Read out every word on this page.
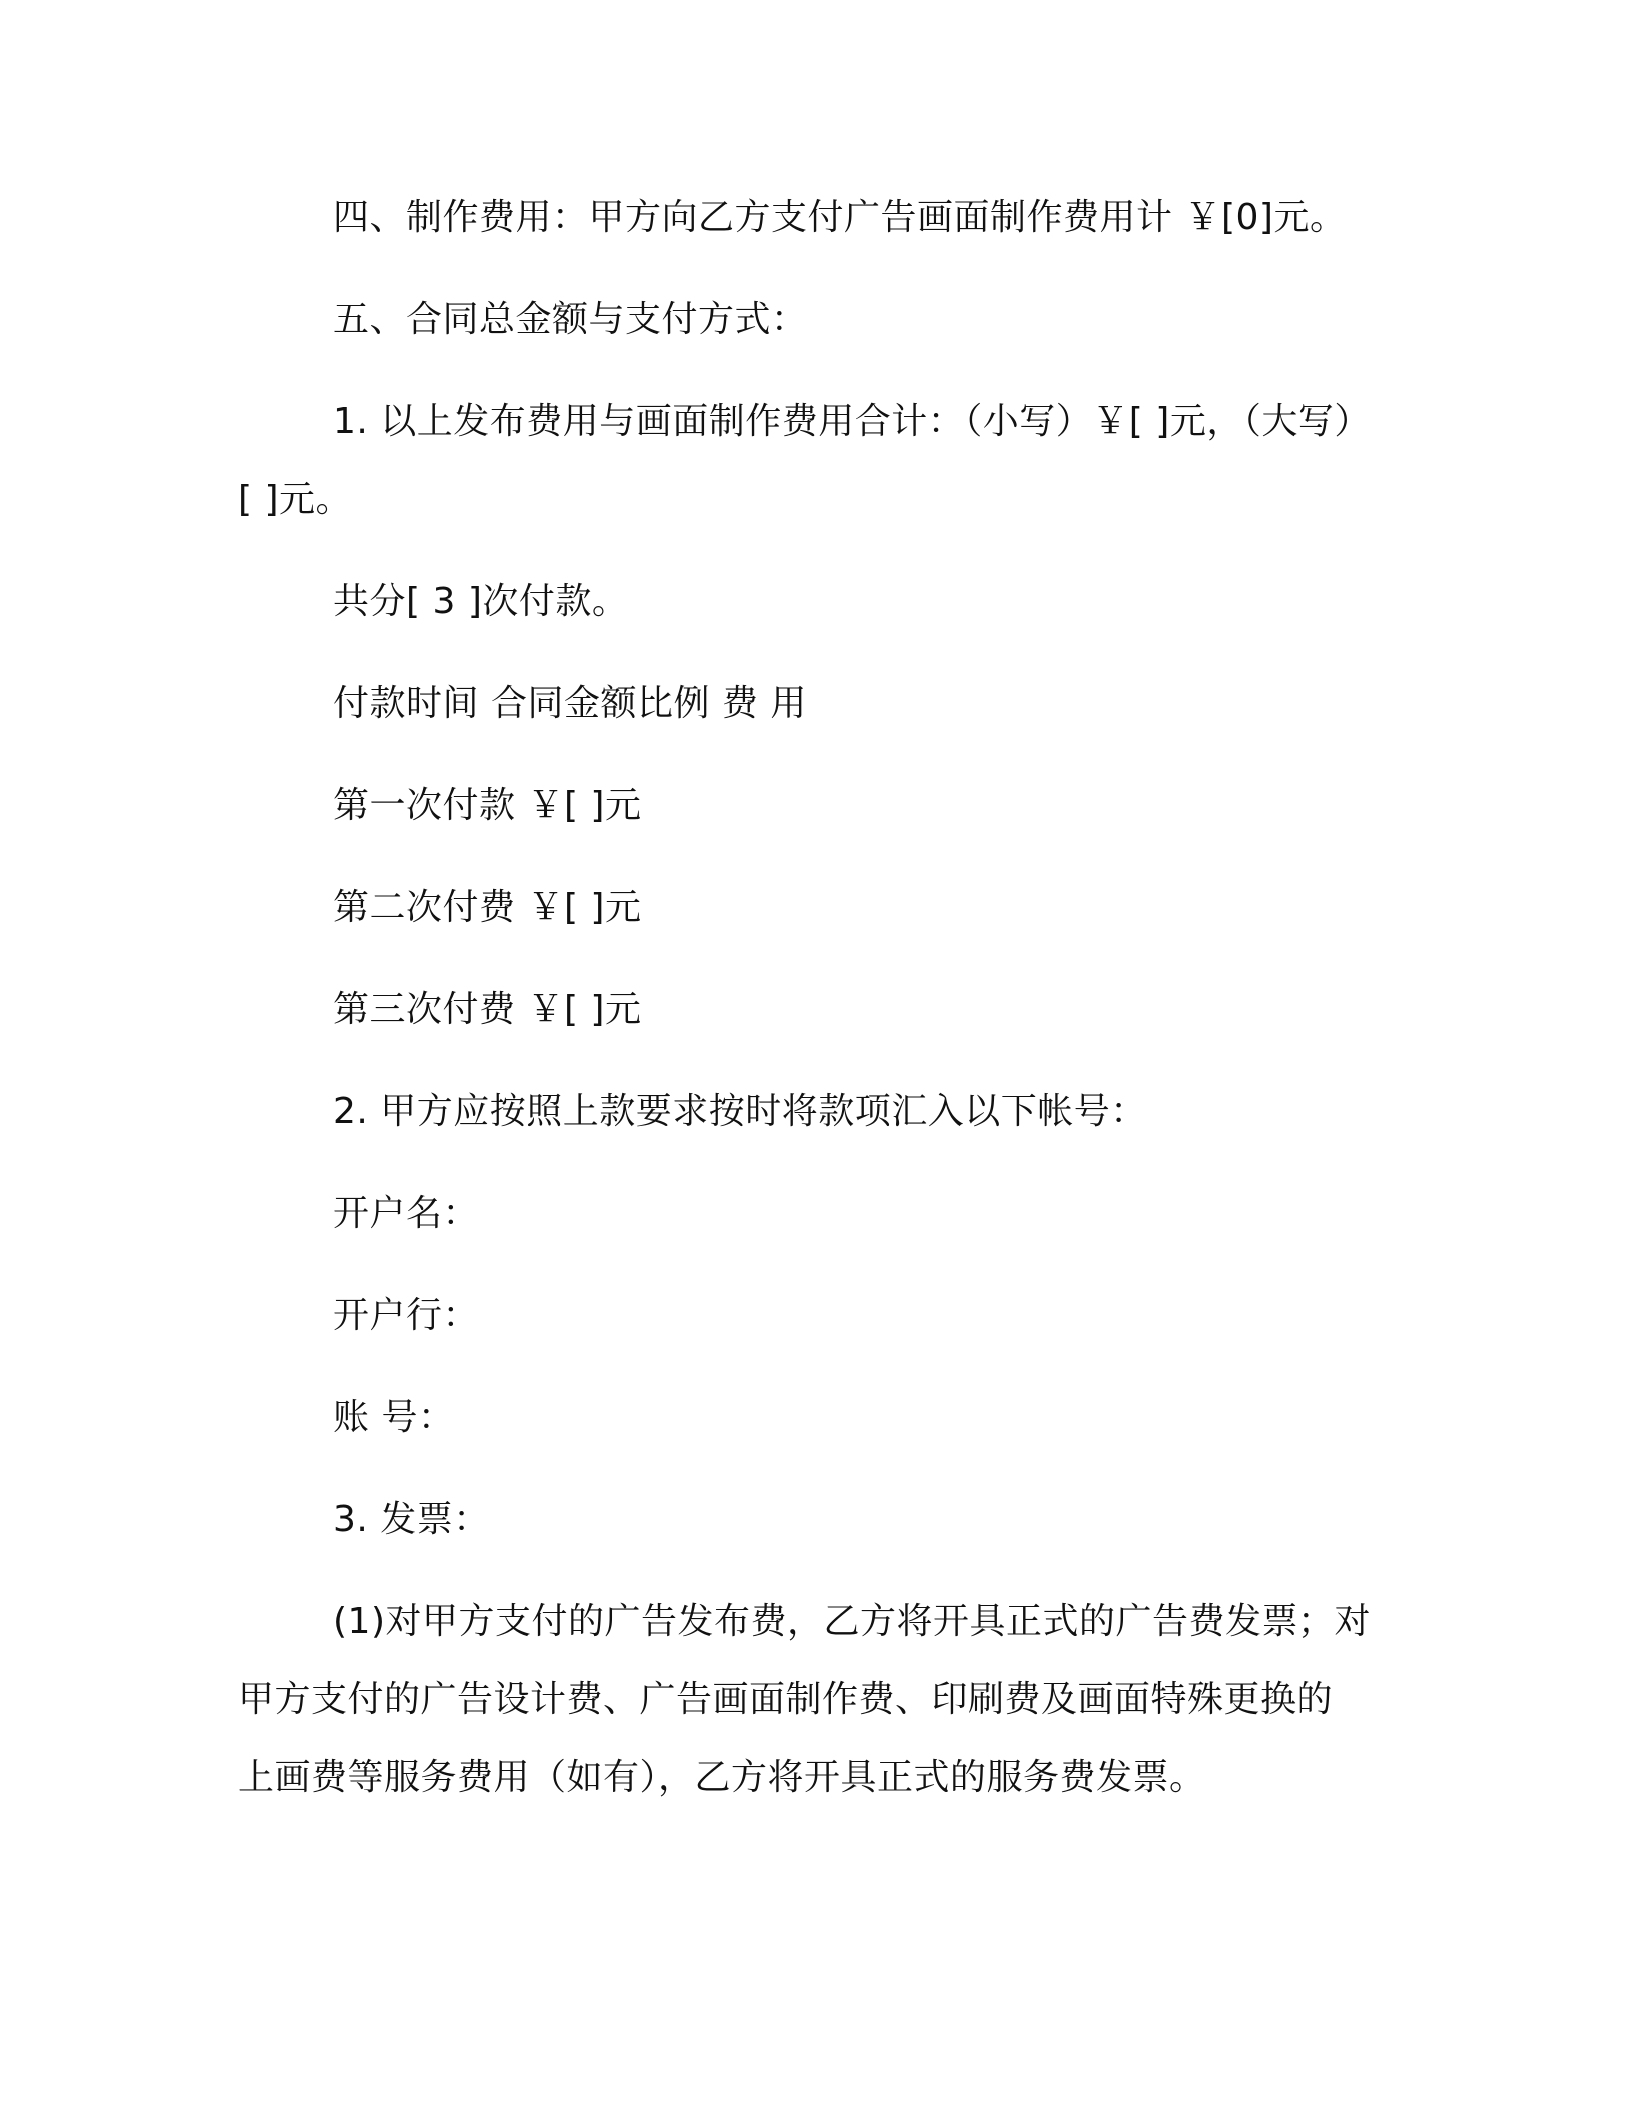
四、制作费用：甲方向乙方支付广告画面制作费用计 ￥[0]元。
五、合同总金额与支付方式：
1. 以上发布费用与画面制作费用合计：（小写）￥[ ]元，（大写）
[ ]元。
共分[ 3 ]次付款。
付款时间 合同金额比例 费 用
第一次付款 ￥[ ]元
第二次付费 ￥[ ]元
第三次付费 ￥[ ]元
2. 甲方应按照上款要求按时将款项汇入以下帐号：
开户名：
开户行：
账 号：
3. 发票：
(1)对甲方支付的广告发布费，乙方将开具正式的广告费发票；对
甲方支付的广告设计费、广告画面制作费、印刷费及画面特殊更换的
上画费等服务费用（如有），乙方将开具正式的服务费发票。
